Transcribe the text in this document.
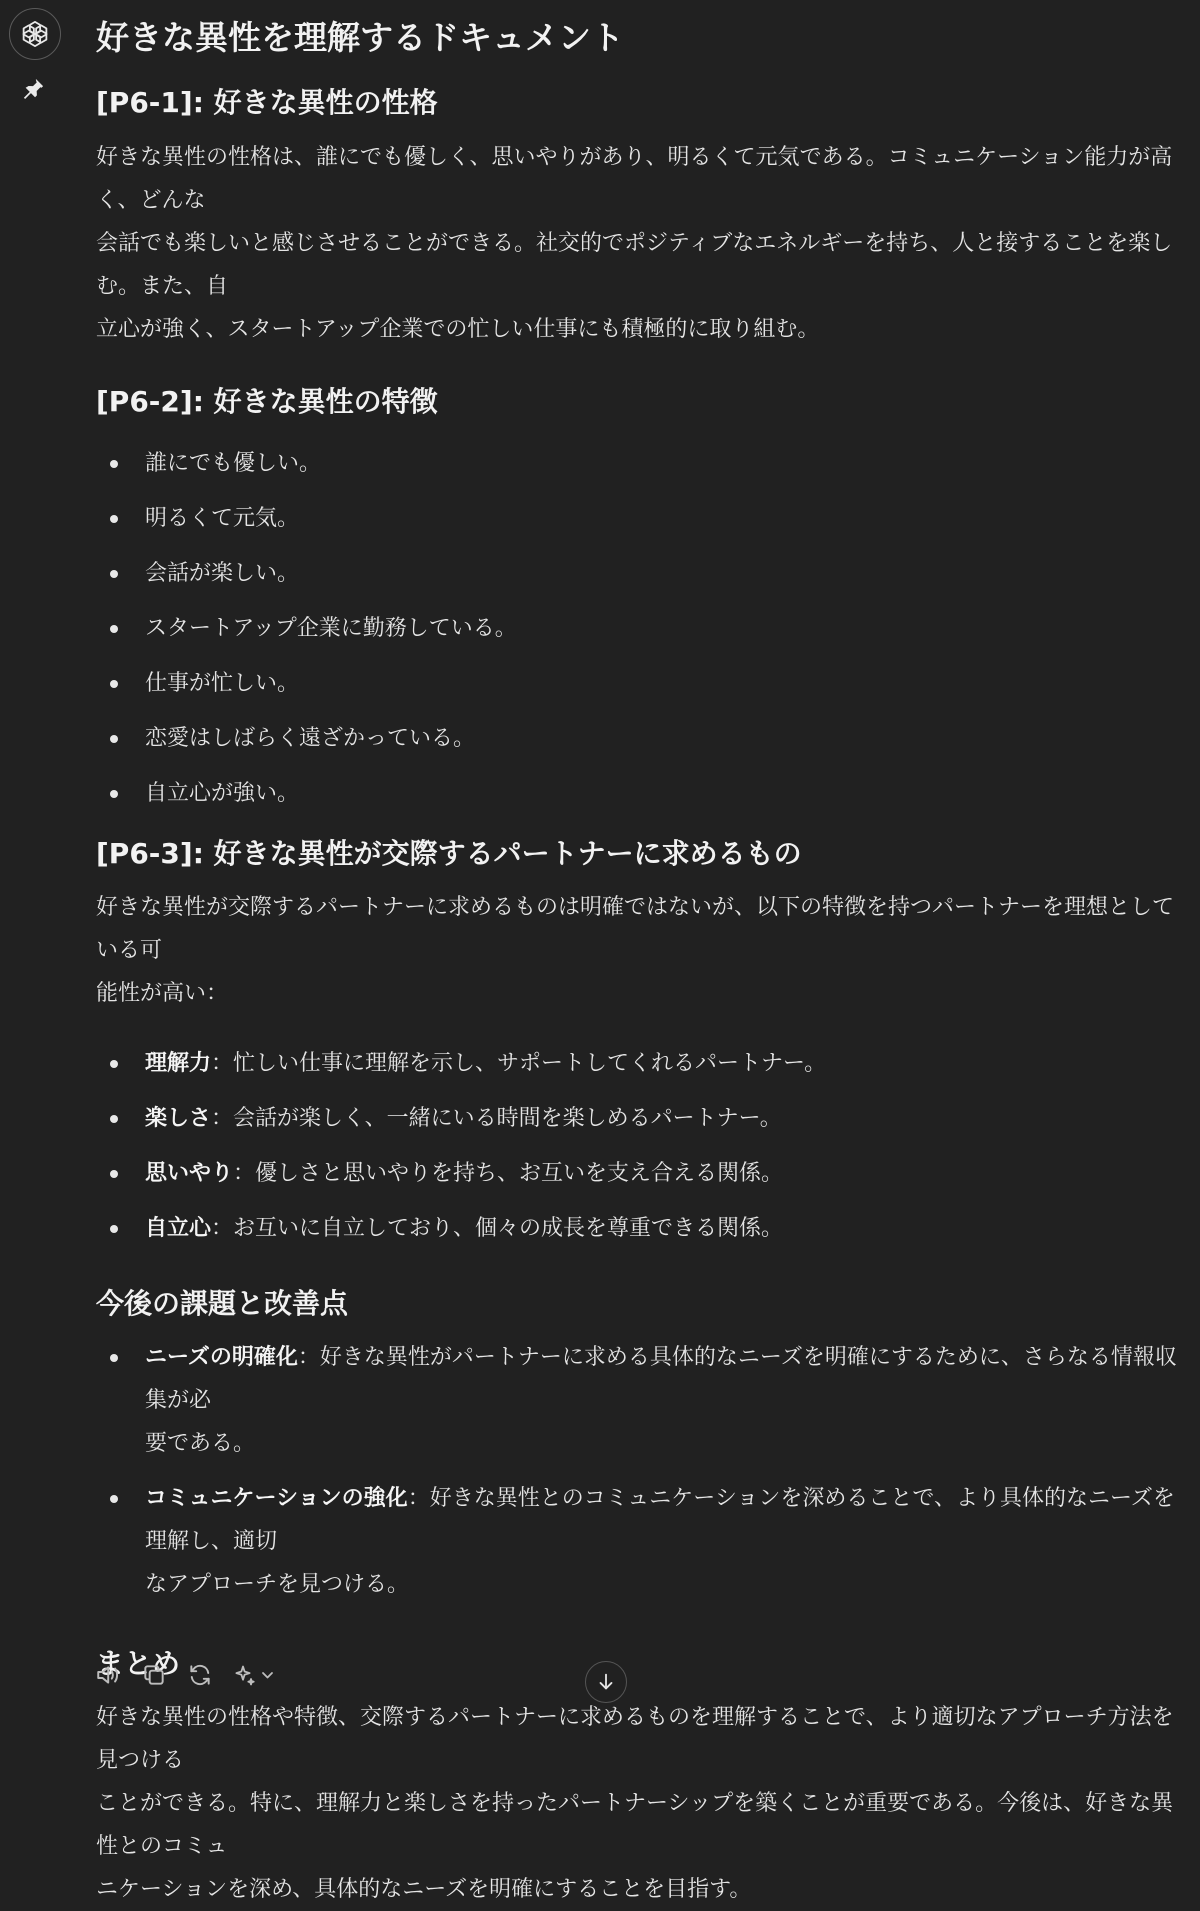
好きな異性を理解するドキュメント
[P6-1]: 好きな異性の性格

好きな異性の性格は、誰にでも優しく、思いやりがあり、明るくて元気である。コミュニケーション能力が高く、どんな

会話でも楽しいと感じさせることができる。社交的でポジティブなエネルギーを持ち、人と接することを楽しむ。また、自

立心が強く、スタートアップ企業での忙しい仕事にも積極的に取り組む。

[P6-2]: 好きな異性の特徴
誰にでも優しい。
明るくて元気。
会話が楽しい。
スタートアップ企業に勤務している。
仕事が忙しい。
恋愛はしばらく遠ざかっている。
自立心が強い。
[P6-3]: 好きな異性が交際するパートナーに求めるもの

好きな異性が交際するパートナーに求めるものは明確ではないが、以下の特徴を持つパートナーを理想としている可

能性が高い：

理解力：忙しい仕事に理解を示し、サポートしてくれるパートナー。
楽しさ：会話が楽しく、一緒にいる時間を楽しめるパートナー。
思いやり：優しさと思いやりを持ち、お互いを支え合える関係。
自立心：お互いに自立しており、個々の成長を尊重できる関係。
今後の課題と改善点
ニーズの明確化：好きな異性がパートナーに求める具体的なニーズを明確にするために、さらなる情報収集が必
要である。
コミュニケーションの強化：好きな異性とのコミュニケーションを深めることで、より具体的なニーズを理解し、適切
なアプローチを見つける。
まとめ

好きな異性の性格や特徴、交際するパートナーに求めるものを理解することで、より適切なアプローチ方法を見つける

ことができる。特に、理解力と楽しさを持ったパートナーシップを築くことが重要である。今後は、好きな異性とのコミュ

ニケーションを深め、具体的なニーズを明確にすることを目指す。
